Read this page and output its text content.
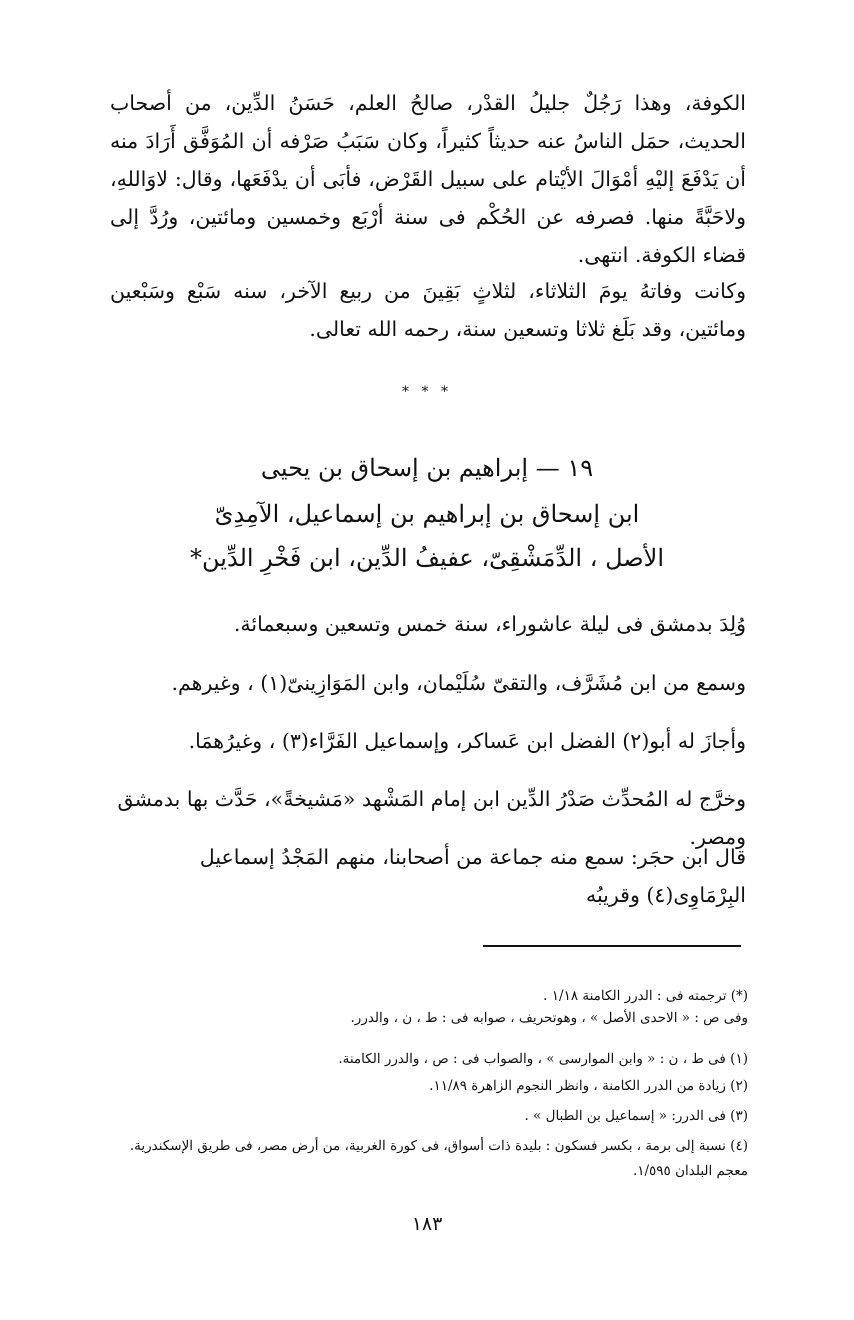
الكوفة، وهذا رَجُلٌ جليلُ القدْر، صالحُ العلم، حَسَنُ الدِّين، من أصحاب الحديث، حمَل الناسُ عنه حديثاً كثيراً، وكان سَبَبُ صَرْفه أن المُوَفَّق أَرَادَ منه أن يَدْفَعَ إليْهِ أمْوَالَ الأيْتام على سبيل القَرْض، فأبَى أن يدْفَعَها، وقال: لاوَاللهِ، ولاحَبَّةً منها. فصرفه عن الحُكْم فى سنة أرْبَع وخمسين ومائتين، ورُدَّ إلى قضاء الكوفة. انتهى.
وكانت وفاتهُ يومَ الثلاثاء، لثلاثٍ بَقِينَ من ربيع الآخر، سنه سَبْع وسَبْعين ومائتين، وقد بَلَغ ثلاثا وتسعين سنة، رحمه الله تعالى.
* * *
١٩ — إبراهيم بن إسحاق بن يحيى
ابن إسحاق بن إبراهيم بن إسماعيل، الآمِدِىّ
الأصل ، الدِّمَشْقِىّ، عفيفُ الدِّين، ابن فَخْرِ الدِّين*
وُلِدَ بدمشق فى ليلة عاشوراء، سنة خمس وتسعين وسبعمائة.
وسمع من ابن مُشَرَّف، والتقىّ سُلَيْمان، وابن المَوَازِينىّ(١) ، وغيرهم.
وأجازَ له أبو(٢) الفضل ابن عَساكر، وإسماعيل الفَرَّاء(٣) ، وغيرُهمَا.
وخرَّج له المُحدِّث صَدْرُ الدِّين ابن إمام المَشْهد «مَشيخةً»، حَدَّث بها بدمشق ومصر.
قال ابن حجَر: سمع منه جماعة من أصحابنا، منهم المَجْدُ إسماعيل البِرْمَاوِى(٤) وقريبُه
(*) ترجمته فى : الدرر الكامنة ١/١٨ .
وفى ص : « الاحدى الأصل » ، وهوتحريف ، صوابه فى : ط ، ن ، والدرر.
(١) فى ط ، ن : « وابن الموارسى » ، والصواب فى : ص ، والدرر الكامنة.
(٢) زيادة من الدرر الكامنة ، وانظر النجوم الزاهرة ١١/٨٩.
(٣) فى الدرر: « إسماعيل بن الطبال » .
(٤) نسبة إلى برمة ، بكسر فسكون : بليدة ذات أسواق، فى كورة الغربية، من أرض مصر، فى طريق الإسكندرية.
معجم البلدان ١/٥٩٥.
١٨٣
